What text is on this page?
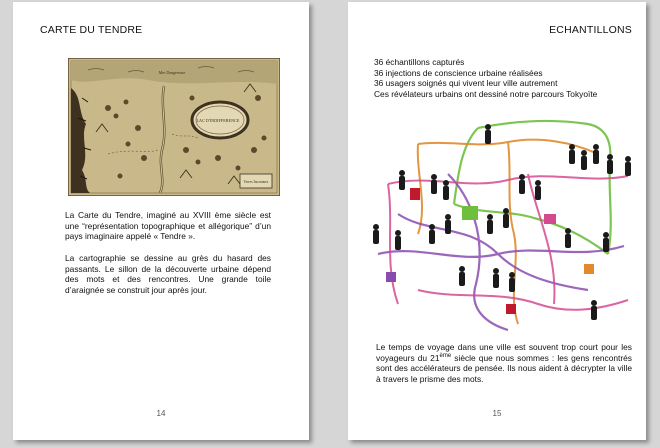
CARTE DU TENDRE
Terres Inconnues
LAC D'INDIFFERENCE
Mer Dangereuse
La Carte du Tendre, imaginé au XVIII ème siècle est une “représentation topographique et allégorique” d’un pays imaginaire appelé « Tendre ».
La cartographie se dessine au grès du hasard des passants. Le sillon de la découverte urbaine dépend des mots et des rencontres. Une grande toile d’araignée se construit jour après jour.
14
ECHANTILLONS
36 échantillons capturés
36 injections de conscience urbaine réalisées
36 usagers soignés qui vivent leur ville autrement
Ces révélateurs urbains ont dessiné notre parcours Tokyoïte
Le temps de voyage dans une ville est souvent trop court pour les voyageurs du 21ème siècle que nous sommes : les gens rencontrés sont des accélérateurs de pensée. Ils nous aident à décrypter la ville à travers le prisme des mots.
15
